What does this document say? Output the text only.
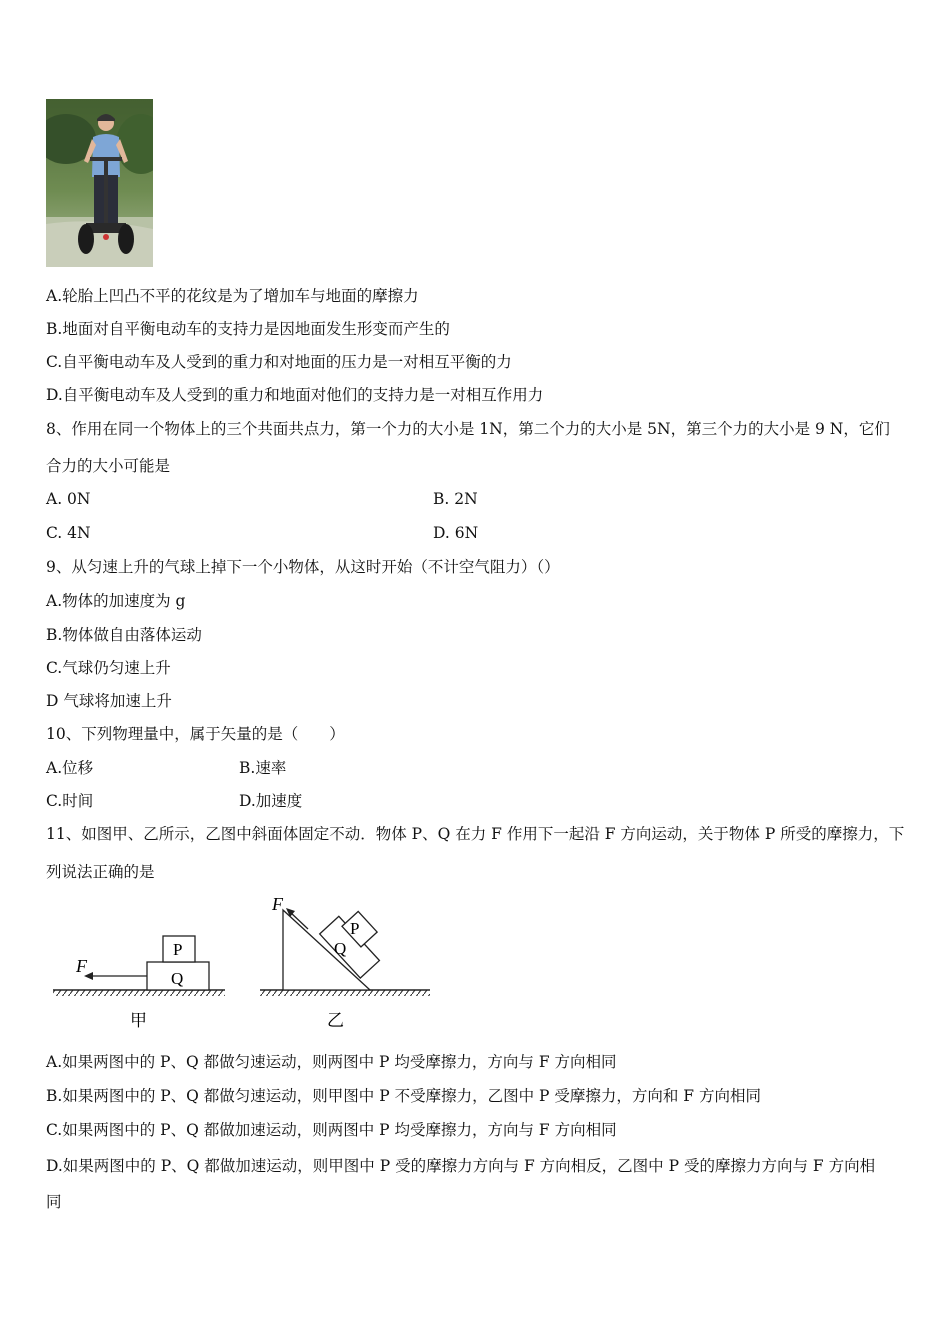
A.轮胎上凹凸不平的花纹是为了增加车与地面的摩擦力
B.地面对自平衡电动车的支持力是因地面发生形变而产生的
C.自平衡电动车及人受到的重力和对地面的压力是一对相互平衡的力
D.自平衡电动车及人受到的重力和地面对他们的支持力是一对相互作用力
8、作用在同一个物体上的三个共面共点力，第一个力的大小是 1N，第二个力的大小是 5N，第三个力的大小是 9 N，它们
合力的大小可能是
A. 0N	B. 2N
C. 4N	D. 6N
9、从匀速上升的气球上掉下一个小物体，从这时开始（不计空气阻力）（）
A.物体的加速度为 g
B.物体做自由落体运动
C.气球仍匀速上升
D 气球将加速上升
10、下列物理量中，属于矢量的是（　　）
A.位移	B.速率
C.时间	D.加速度
11、如图甲、乙所示，乙图中斜面体固定不动．物体 P、Q 在力 F 作用下一起沿 F 方向运动，关于物体 P 所受的摩擦力，下
列说法正确的是
P
Q
F
甲
Q
P
F
乙
A.如果两图中的 P、Q 都做匀速运动，则两图中 P 均受摩擦力，方向与 F 方向相同
B.如果两图中的 P、Q 都做匀速运动，则甲图中 P 不受摩擦力，乙图中 P 受摩擦力，方向和 F 方向相同
C.如果两图中的 P、Q 都做加速运动，则两图中 P 均受摩擦力，方向与 F 方向相同
D.如果两图中的 P、Q 都做加速运动，则甲图中 P 受的摩擦力方向与 F 方向相反，乙图中 P 受的摩擦力方向与 F 方向相
同
